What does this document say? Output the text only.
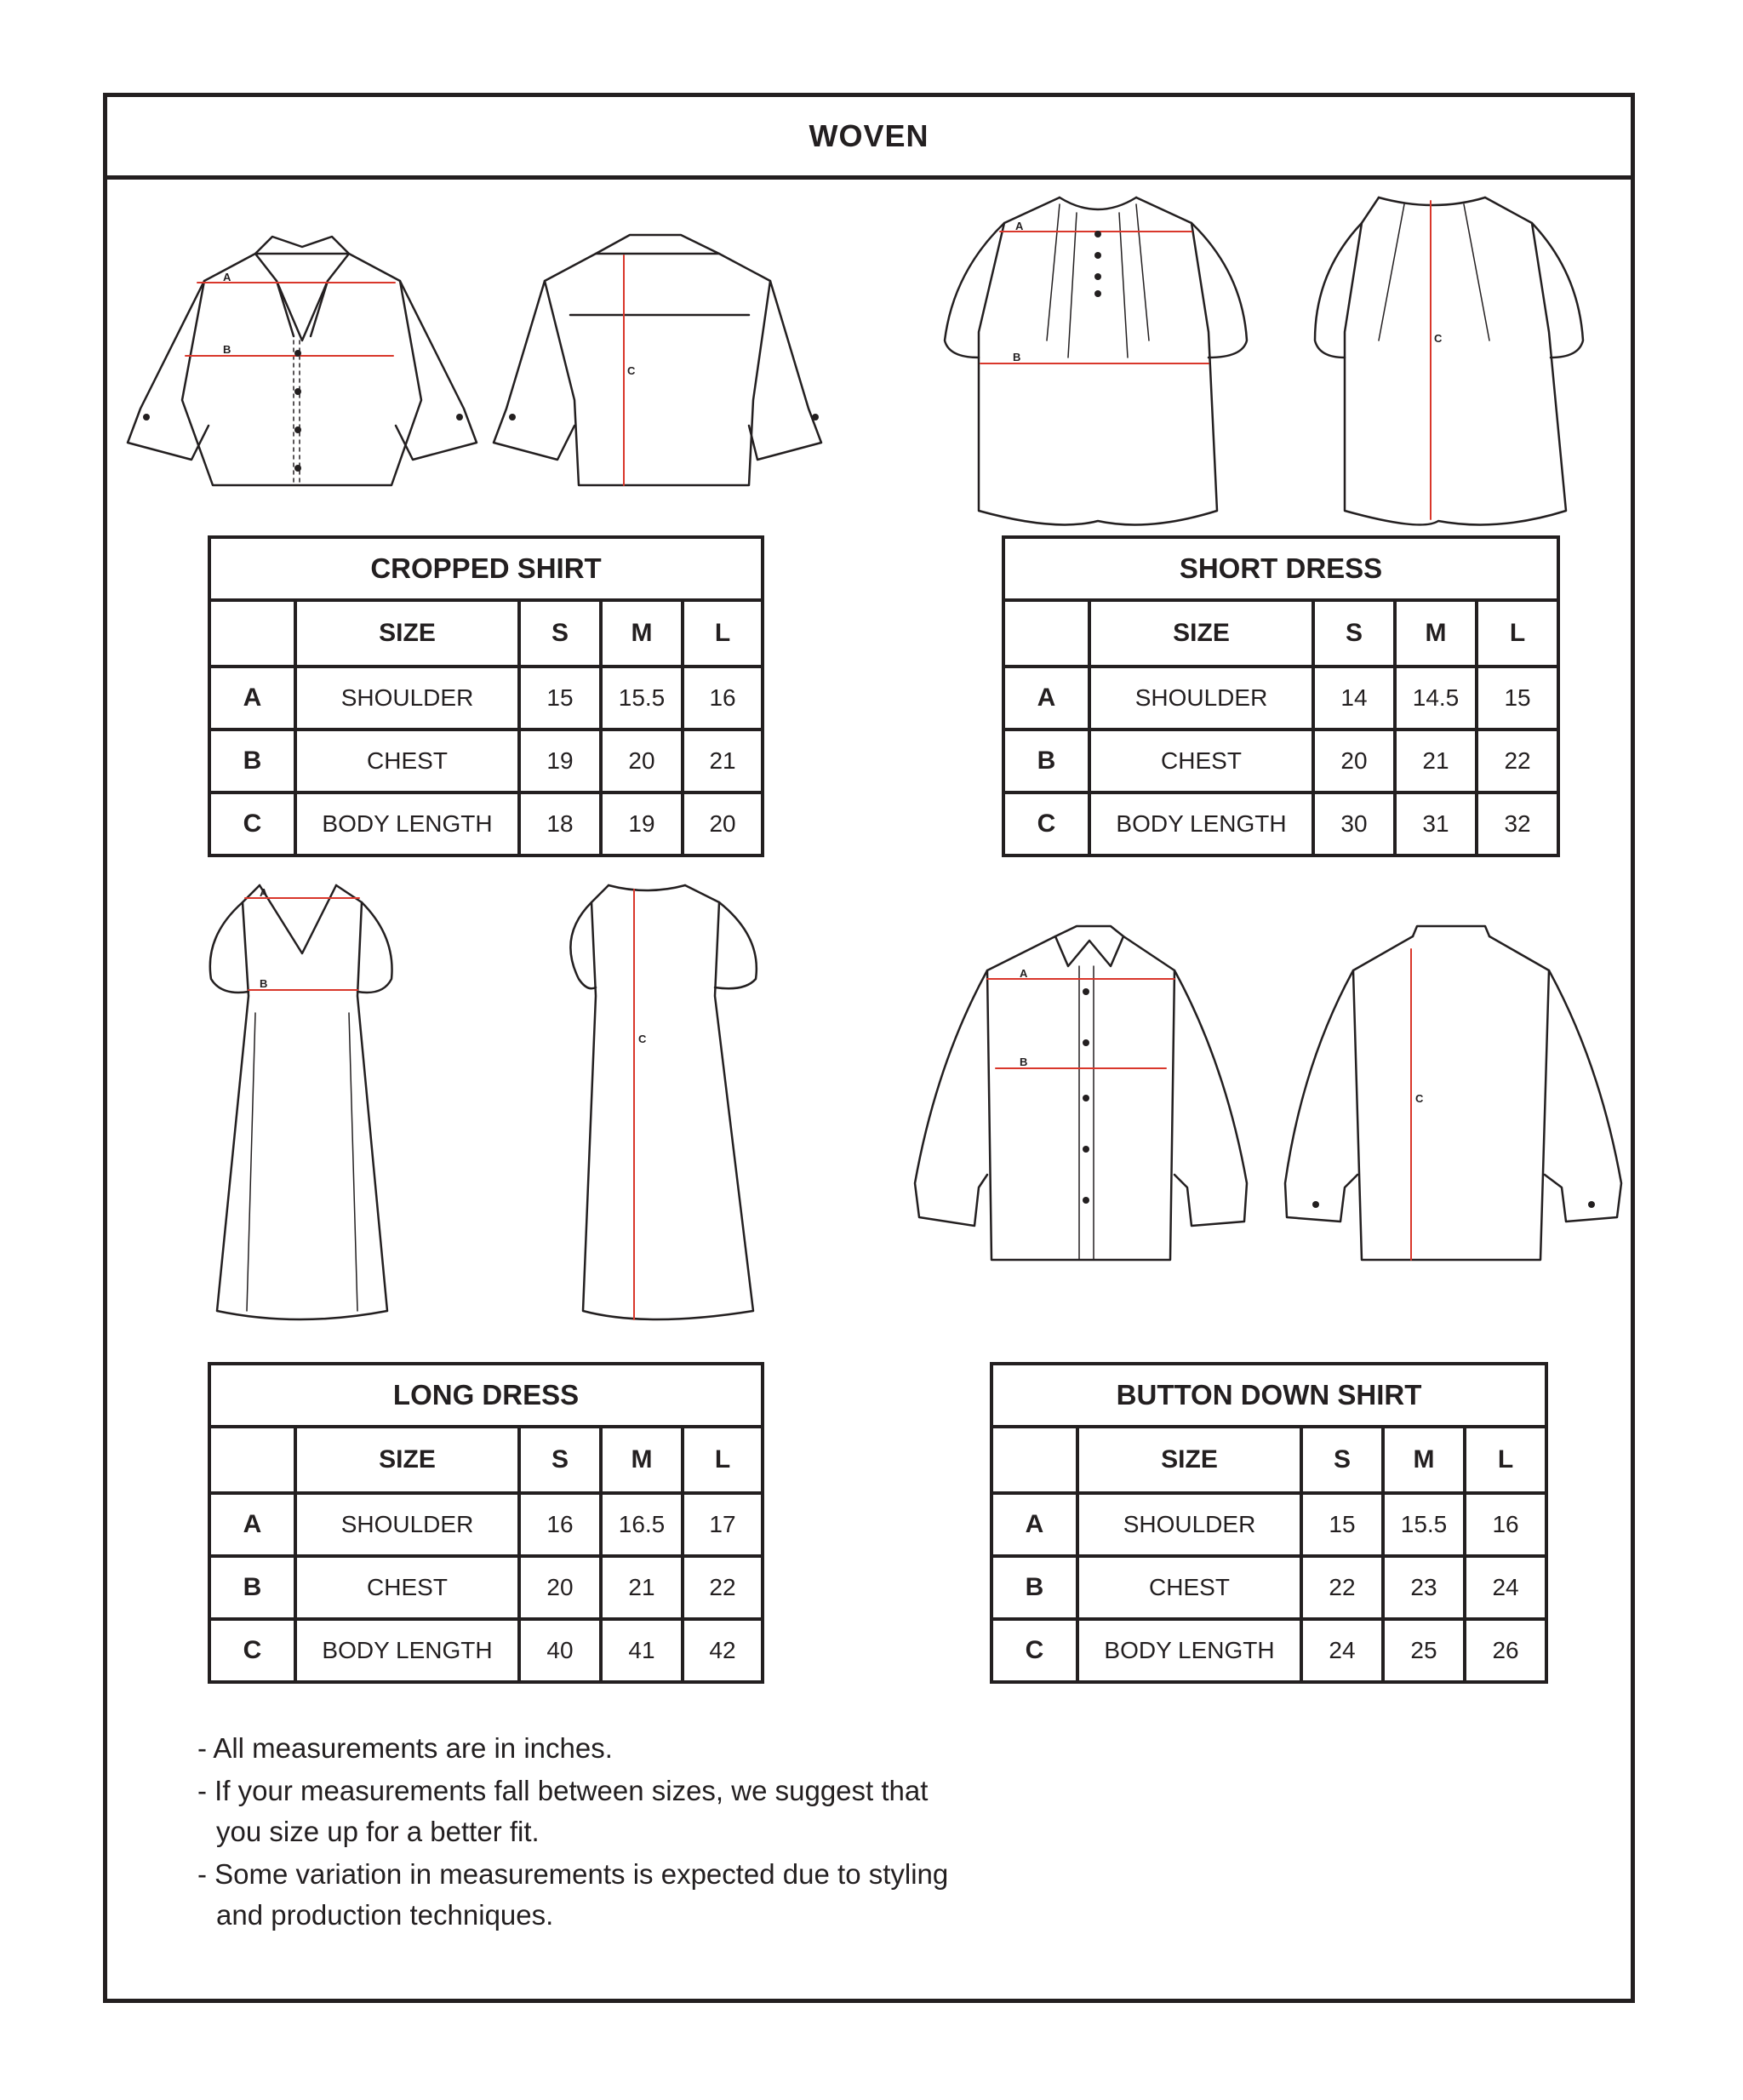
WOVEN
A
B
C
A
B
C
A
B
C
A
B
C
CROPPED SHIRT				
	SIZE	S	M	L
A	SHOULDER	15	15.5	16
B	CHEST	19	20	21
C	BODY LENGTH	18	19	20
SHORT DRESS				
	SIZE	S	M	L
A	SHOULDER	14	14.5	15
B	CHEST	20	21	22
C	BODY LENGTH	30	31	32
LONG DRESS				
	SIZE	S	M	L
A	SHOULDER	16	16.5	17
B	CHEST	20	21	22
C	BODY LENGTH	40	41	42
BUTTON DOWN SHIRT				
	SIZE	S	M	L
A	SHOULDER	15	15.5	16
B	CHEST	22	23	24
C	BODY LENGTH	24	25	26
- All measurements are in inches.
- If your measurements fall between sizes, we suggest that you size up for a better fit.
- Some variation in measurements is expected due to styling and production techniques.
